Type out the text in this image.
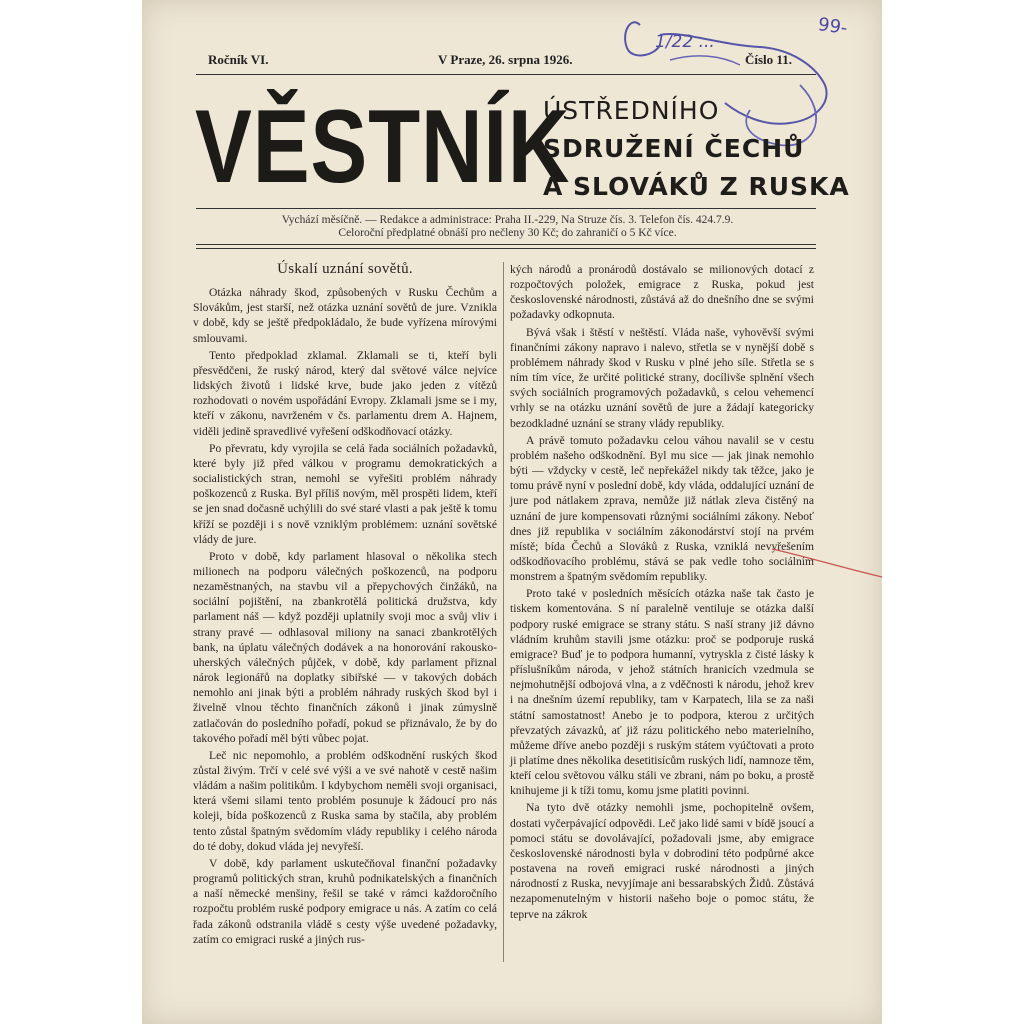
99-
1/22 ...
Ročník VI.	V Praze, 26. srpna 1926.	Číslo 11.
VĚSTNÍK
ÚSTŘEDNÍHO
SDRUŽENÍ ČECHŮ
A SLOVÁKŮ Z RUSKA
Vychází měsíčně. — Redakce a administrace: Praha II.-229, Na Struze čís. 3. Telefon čís. 424.7.9.
Celoroční předplatné obnáší pro nečleny 30 Kč; do zahraničí o 5 Kč více.
Úskalí uznání sovětů.

Otázka náhrady škod, způsobených v Rusku Čechům a Slovákům, jest starší, než otázka uznání sovětů de jure. Vznikla v době, kdy se ještě předpokládalo, že bude vyřízena mírovými smlouvami.

Tento předpoklad zklamal. Zklamali se ti, kteří byli přesvědčeni, že ruský národ, který dal světové válce nejvíce lidských životů i lidské krve, bude jako jeden z vítězů rozhodovati o novém uspořádání Evropy. Zklamali jsme se i my, kteří v zákonu, navrženém v čs. parlamentu drem A. Hajnem, viděli jedině spravedlivé vyřešení odškodňovací otázky.

Po převratu, kdy vyrojila se celá řada sociálních požadavků, které byly již před válkou v programu demokratických a socialistických stran, nemohl se vyřešiti problém náhrady poškozenců z Ruska. Byl příliš novým, měl prospěti lidem, kteří se jen snad dočasně uchýlili do své staré vlasti a pak ještě k tomu kříží se později i s nově vzniklým problémem: uznání sovětské vlády de jure.

Proto v době, kdy parlament hlasoval o několika stech milionech na podporu válečných poškozenců, na podporu nezaměstnaných, na stavbu vil a přepychových činžáků, na sociální pojištění, na zbankrotělá politická družstva, kdy parlament náš — když později uplatnily svoji moc a svůj vliv i strany pravé — odhlasoval miliony na sanaci zbankrotělých bank, na úplatu válečných dodávek a na honorování rakousko-uherských válečných půjček, v době, kdy parlament přiznal nárok legionářů na doplatky sibiřské — v takových dobách nemohlo ani jinak býti a problém náhrady ruských škod byl i živelně vlnou těchto finančních zákonů i jinak zúmyslně zatlačován do posledního pořadí, pokud se přiznávalo, že by do takového pořadí měl býti vůbec pojat.

Leč nic nepomohlo, a problém odškodnění ruských škod zůstal živým. Trčí v celé své výši a ve své nahotě v cestě našim vládám a našim politikům. I kdybychom neměli svoji organisaci, která všemi silami tento problém posunuje k žádoucí pro nás koleji, bída poškozenců z Ruska sama by stačila, aby problém tento zůstal špatným svědomím vlády republiky i celého národa do té doby, dokud vláda jej nevyřeší.

V době, kdy parlament uskutečňoval finanční požadavky programů politických stran, kruhů podnikatelských a finančních a naší německé menšiny, řešil se také v rámci každoročního rozpočtu problém ruské podpory emigrace u nás. A zatím co celá řada zákonů odstranila vládě s cesty výše uvedené požadavky, zatím co emigraci ruské a jiných rus-

kých národů a pronárodů dostávalo se milionových dotací z rozpočtových položek, emigrace z Ruska, pokud jest československé národnosti, zůstává až do dnešního dne se svými požadavky odkopnuta.

Bývá však i štěstí v neštěstí. Vláda naše, vyhověvší svými finančními zákony napravo i nalevo, střetla se v nynější době s problémem náhrady škod v Rusku v plné jeho síle. Střetla se s ním tím více, že určité politické strany, docílivše splnění všech svých sociálních programových požadavků, s celou vehemencí vrhly se na otázku uznání sovětů de jure a žádají kategoricky bezodkladné uznání se strany vlády republiky.

A právě tomuto požadavku celou váhou navalil se v cestu problém našeho odškodnění. Byl mu sice — jak jinak nemohlo býti — vždycky v cestě, leč nepřekážel nikdy tak těžce, jako je tomu právě nyní v poslední době, kdy vláda, oddalující uznání de jure pod nátlakem zprava, nemůže již nátlak zleva čistěný na uznání de jure kompensovati různými sociálními zákony. Neboť dnes již republika v sociálním zákonodárství stojí na prvém místě; bída Čechů a Slováků z Ruska, vzniklá nevyřešením odškodňovacího problému, stává se pak vedle toho sociálním monstrem a špatným svědomím republiky.

Proto také v posledních měsících otázka naše tak často je tiskem komentována. S ní paralelně ventiluje se otázka další podpory ruské emigrace se strany státu. S naší strany již dávno vládním kruhům stavili jsme otázku: proč se podporuje ruská emigrace? Buď je to podpora humanní, vytryskla z čisté lásky k příslušníkům národa, v jehož státních hranicích vzedmula se nejmohutnější odbojová vlna, a z vděčnosti k národu, jehož krev i na dnešním území republiky, tam v Karpatech, lila se za naši státní samostatnost! Anebo je to podpora, kterou z určitých převzatých závazků, ať již rázu politického nebo materielního, můžeme dříve anebo později s ruským státem vyúčtovati a proto ji platíme dnes několika desetitisícům ruských lidí, namnoze těm, kteří celou světovou válku stáli ve zbrani, nám po boku, a prostě knihujeme ji k tíži tomu, komu jsme platiti povinni.

Na tyto dvě otázky nemohli jsme, pochopitelně ovšem, dostati vyčerpávající odpovědi. Leč jako lidé sami v bídě jsoucí a pomoci státu se dovolávající, požadovali jsme, aby emigrace československé národnosti byla v dobrodiní této podpůrné akce postavena na roveň emigraci ruské národnosti a jiných národností z Ruska, nevyjímaje ani bessarabských Židů. Zůstává nezapomenutelným v historii našeho boje o pomoc státu, že teprve na zákrok
